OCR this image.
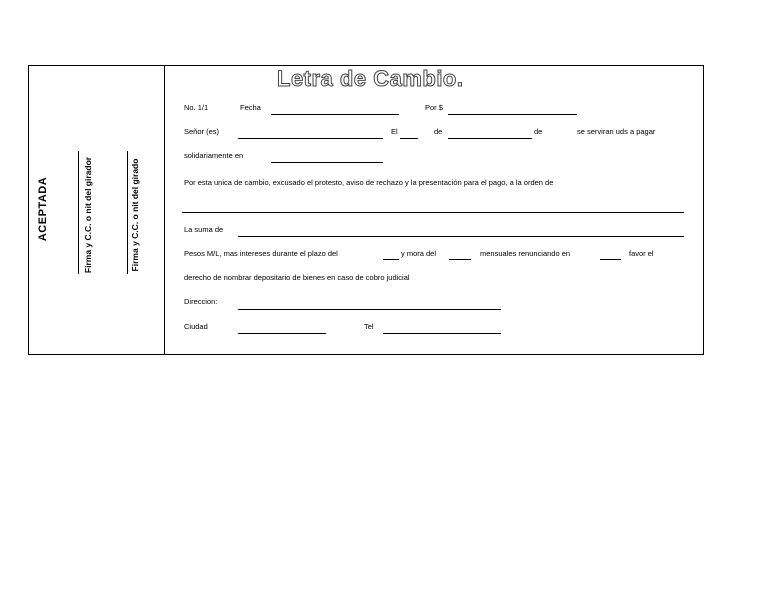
ACEPTADA	Firma y C.C. o nit del girador	Firma y C.C. o nit del girado
Letra de Cambio.
No. 1/1	Fecha	Por $
Señor (es)	El	de	de	se serviran uds a pagar
solidariamente en
Por esta unica de cambio, excusado el protesto, aviso de rechazo y la presentación para el pago, a la orden de
La suma de
Pesos M/L, mas intereses durante el plazo del	y mora del	mensuales renunciando en	favor el
derecho de nombrar depositario de bienes en caso de cobro judicial
Direccion:
Ciudad	Tel
